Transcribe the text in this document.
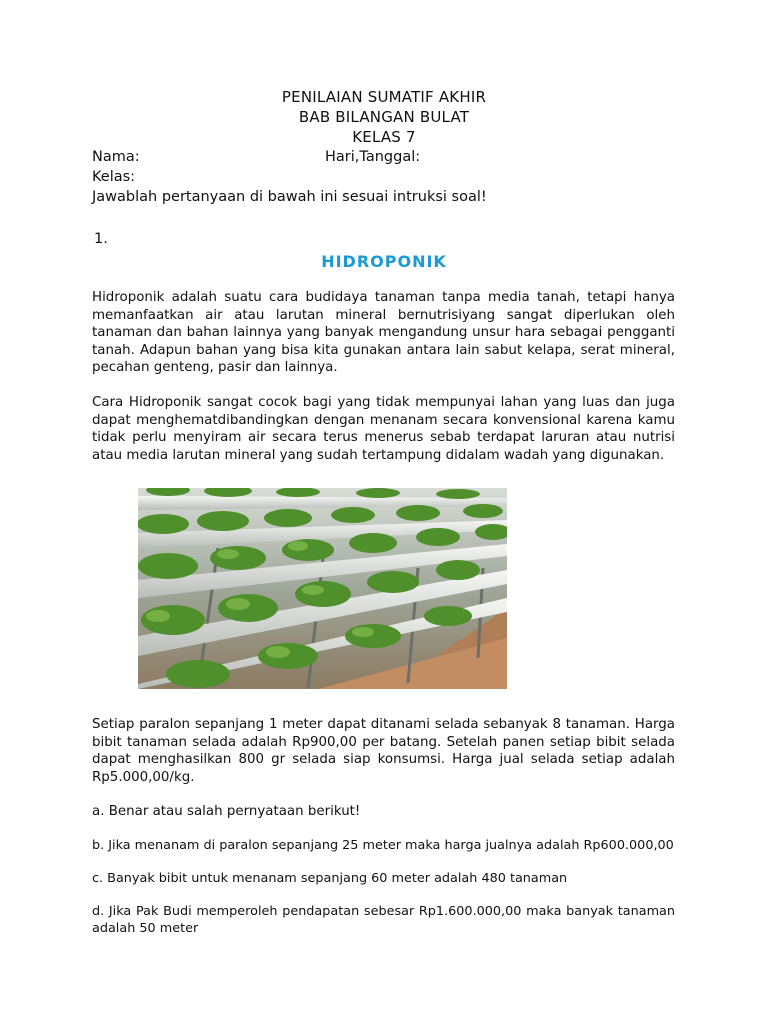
PENILAIAN SUMATIF AKHIR
BAB BILANGAN BULAT
KELAS 7
Nama:	Hari,Tanggal:
Kelas:
Jawablah pertanyaan di bawah ini sesuai intruksi soal!
1.
HIDROPONIK
Hidroponik adalah suatu cara budidaya tanaman tanpa media tanah, tetapi hanya memanfaatkan air atau larutan mineral bernutrisiyang sangat diperlukan oleh tanaman dan bahan lainnya yang banyak mengandung unsur hara sebagai pengganti tanah. Adapun bahan yang bisa kita gunakan antara lain sabut kelapa, serat mineral, pecahan genteng, pasir dan lainnya.
Cara Hidroponik sangat cocok bagi yang tidak mempunyai lahan yang luas dan juga dapat menghematdibandingkan dengan menanam secara konvensional karena kamu tidak perlu menyiram air secara terus menerus sebab terdapat laruran atau nutrisi atau media larutan mineral yang sudah tertampung didalam wadah yang digunakan.
Setiap paralon sepanjang 1 meter dapat ditanami selada sebanyak 8 tanaman. Harga bibit tanaman selada adalah Rp900,00 per batang. Setelah panen setiap bibit selada dapat menghasilkan 800 gr selada siap konsumsi. Harga jual selada setiap adalah Rp5.000,00/kg.
a. Benar atau salah pernyataan berikut!
b. Jika menanam di paralon sepanjang 25 meter maka harga jualnya adalah Rp600.000,00
c. Banyak bibit untuk menanam sepanjang 60 meter adalah 480 tanaman
d. Jika Pak Budi memperoleh pendapatan sebesar Rp1.600.000,00 maka banyak tanaman adalah 50 meter
